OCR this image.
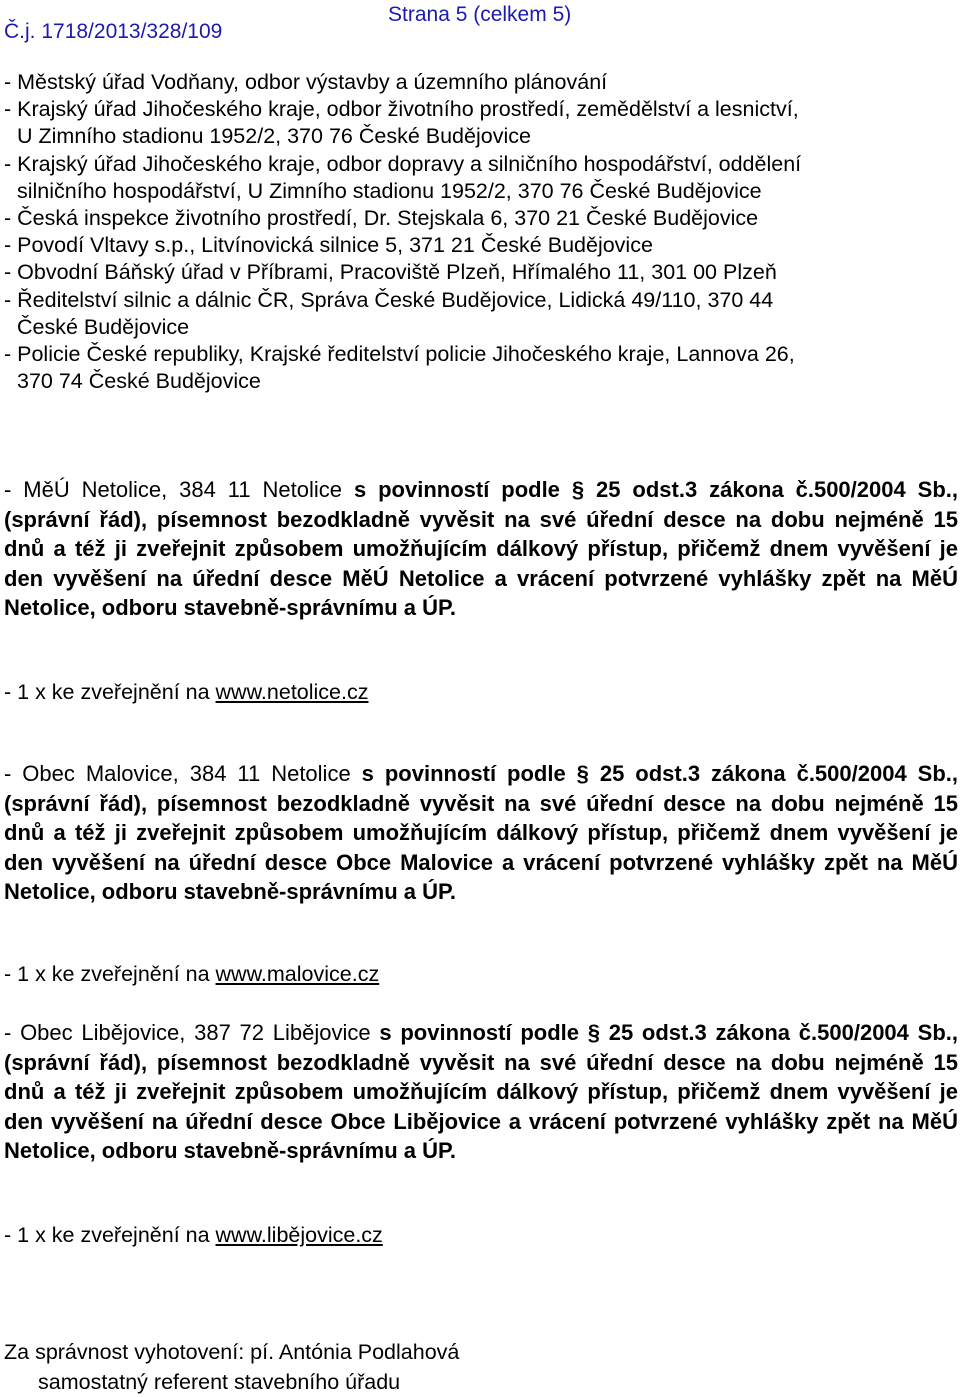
Č.j. 1718/2013/328/109
Strana 5 (celkem 5)
- Městský úřad Vodňany, odbor výstavby a územního plánování
- Krajský úřad Jihočeského kraje, odbor životního prostředí, zemědělství a lesnictví,
U Zimního stadionu 1952/2, 370 76 České Budějovice
- Krajský úřad Jihočeského kraje, odbor dopravy a silničního hospodářství, oddělení
silničního hospodářství, U Zimního stadionu 1952/2, 370 76 České Budějovice
- Česká inspekce životního prostředí, Dr. Stejskala 6, 370 21 České Budějovice
- Povodí Vltavy s.p., Litvínovická silnice 5, 371 21 České Budějovice
- Obvodní Báňský úřad v Příbrami, Pracoviště Plzeň, Hřímalého 11, 301 00 Plzeň
- Ředitelství silnic a dálnic ČR, Správa České Budějovice, Lidická 49/110, 370 44
České Budějovice
- Policie České republiky, Krajské ředitelství policie Jihočeského kraje, Lannova 26,
370 74 České Budějovice
- MěÚ Netolice, 384 11 Netolice s povinností podle § 25 odst.3 zákona č.500/2004 Sb.,(správní řád), písemnost bezodkladně vyvěsit na své úřední desce na dobu nejméně 15 dnů a též ji zveřejnit způsobem umožňujícím dálkový přístup, přičemž dnem vyvěšení je den vyvěšení na úřední desce MěÚ Netolice a vrácení potvrzené vyhlášky zpět na MěÚ Netolice, odboru stavebně-správnímu a ÚP.
- 1 x ke zveřejnění na www.netolice.cz
- Obec Malovice, 384 11 Netolice s povinností podle § 25 odst.3 zákona č.500/2004 Sb.,(správní řád), písemnost bezodkladně vyvěsit na své úřední desce na dobu nejméně 15 dnů a též ji zveřejnit způsobem umožňujícím dálkový přístup, přičemž dnem vyvěšení je den vyvěšení na úřední desce Obce Malovice a vrácení potvrzené vyhlášky zpět na MěÚ Netolice, odboru stavebně-správnímu a ÚP.
- 1 x ke zveřejnění na www.malovice.cz
- Obec Libějovice, 387 72 Libějovice s povinností podle § 25 odst.3 zákona č.500/2004 Sb.,(správní řád), písemnost bezodkladně vyvěsit na své úřední desce na dobu nejméně 15 dnů a též ji zveřejnit způsobem umožňujícím dálkový přístup, přičemž dnem vyvěšení je den vyvěšení na úřední desce Obce Libějovice a vrácení potvrzené vyhlášky zpět na MěÚ Netolice, odboru stavebně-správnímu a ÚP.
- 1 x ke zveřejnění na www.libějovice.cz
Za správnost vyhotovení: pí. Antónia Podlahová
samostatný referent stavebního úřadu
